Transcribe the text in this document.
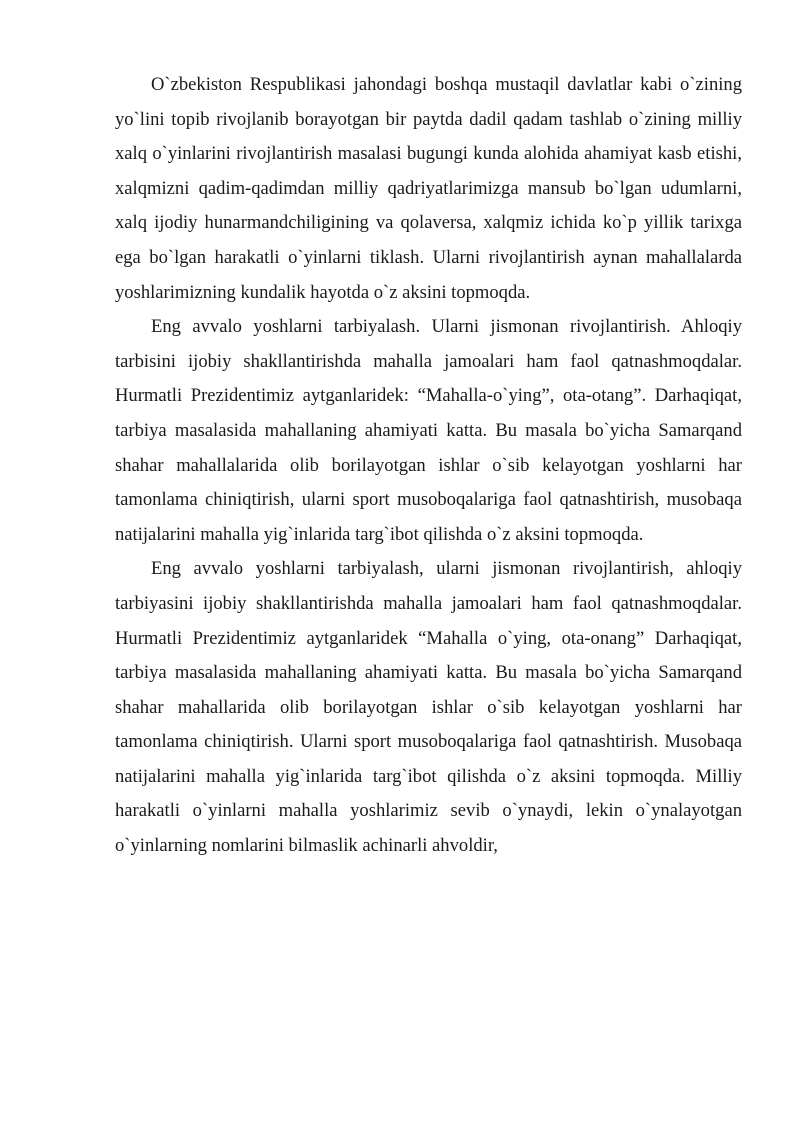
O`zbekiston Respublikasi jahondagi boshqa mustaqil davlatlar kabi o`zining yo`lini topib rivojlanib borayotgan bir paytda dadil qadam tashlab o`zining milliy xalq o`yinlarini rivojlantirish masalasi bugungi kunda alohida ahamiyat kasb etishi, xalqmizni qadim-qadimdan milliy qadriyatlarimizga mansub bo`lgan udumlarni, xalq ijodiy hunarmandchiligining va qolaversa, xalqmiz ichida ko`p yillik tarixga ega bo`lgan harakatli o`yinlarni tiklash. Ularni rivojlantirish aynan mahallalarda yoshlarimizning kundalik hayotda o`z aksini topmoqda.

Eng avvalo yoshlarni tarbiyalash. Ularni jismonan rivojlantirish. Ahloqiy tarbisini ijobiy shakllantirishda mahalla jamoalari ham faol qatnashmoqdalar. Hurmatli Prezidentimiz aytganlaridek: “Mahalla-o`ying”, ota-otang”. Darhaqiqat, tarbiya masalasida mahallaning ahamiyati katta. Bu masala bo`yicha Samarqand shahar mahallalarida olib borilayotgan ishlar o`sib kelayotgan yoshlarni har tamonlama chiniqtirish, ularni sport musoboqalariga faol qatnashtirish, musobaqa natijalarini mahalla yig`inlarida targ`ibot qilishda o`z aksini topmoqda.

Eng avvalo yoshlarni tarbiyalash, ularni jismonan rivojlantirish, ahloqiy tarbiyasini ijobiy shakllantirishda mahalla jamoalari ham faol qatnashmoqdalar. Hurmatli Prezidentimiz aytganlaridek “Mahalla o`ying, ota-onang” Darhaqiqat, tarbiya masalasida mahallaning ahamiyati katta. Bu masala bo`yicha Samarqand shahar mahallarida olib borilayotgan ishlar o`sib kelayotgan yoshlarni har tamonlama chiniqtirish. Ularni sport musoboqalariga faol qatnashtirish. Musobaqa natijalarini mahalla yig`inlarida targ`ibot qilishda o`z aksini topmoqda. Milliy harakatli o`yinlarni mahalla yoshlarimiz sevib o`ynaydi, lekin o`ynalayotgan o`yinlarning nomlarini bilmaslik achinarli ahvoldir,
